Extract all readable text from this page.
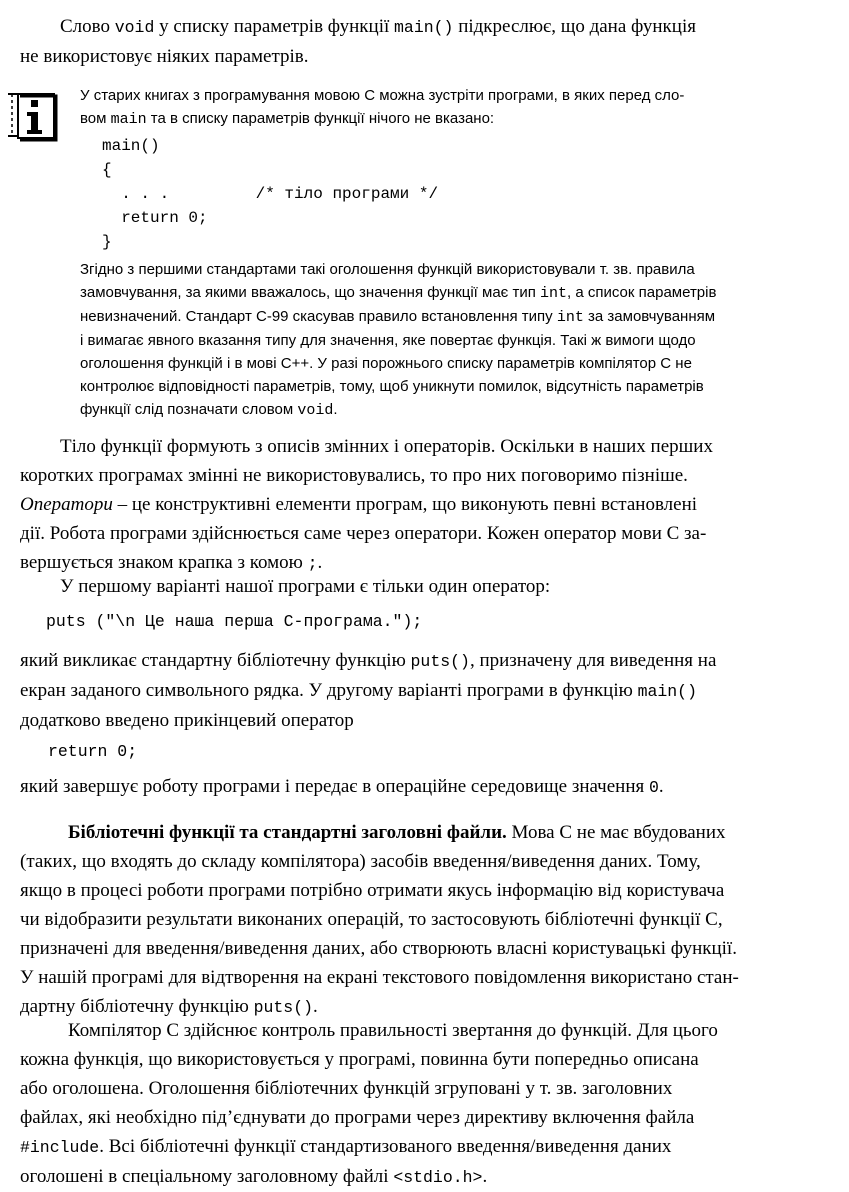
Слово void у списку параметрів функції main() підкреслює, що дана функція
не використовує ніяких параметрів.

У старих книгах з програмування мовою С можна зустріти програми, в яких перед сло-
вом main та в списку параметрів функції нічого не вказано:
main()
{
. . .         /* тіло програми */
return 0;
}
Згідно з першими стандартами такі оголошення функцій використовували т. зв. правила
замовчування, за якими вважалось, що значення функції має тип int, а список параметрів
невизначений. Стандарт С-99 скасував правило встановлення типу int за замовчуванням
і вимагає явного вказання типу для значення, яке повертає функція. Такі ж вимоги щодо
оголошення функцій і в мові С++. У разі порожнього списку параметрів компілятор С не
контролює відповідності параметрів, тому, щоб уникнути помилок, відсутність параметрів
функції слід позначати словом void.

Тіло функції формують з описів змінних і операторів. Оскільки в наших перших
коротких програмах змінні не використовувались, то про них поговоримо пізніше.
Оператори – це конструктивні елементи програм, що виконують певні встановлені
дії. Робота програми здійснюється саме через оператори. Кожен оператор мови С за-
вершується знаком крапка з комою ;.

У першому варіанті нашої програми є тільки один оператор:

puts ("\n Це наша перша С-програма.");

який викликає стандартну бібліотечну функцію puts(), призначену для виведення на
екран заданого символьного рядка. У другому варіанті програми в функцію main()
додатково введено прикінцевий оператор

return 0;

який завершує роботу програми і передає в операційне середовище значення 0.

Бібліотечні функції та стандартні заголовні файли. Мова С не має вбудованих
(таких, що входять до складу компілятора) засобів введення/виведення даних. Тому,
якщо в процесі роботи програми потрібно отримати якусь інформацію від користувача
чи відобразити результати виконаних операцій, то застосовують бібліотечні функції С,
призначені для введення/виведення даних, або створюють власні користувацькі функції.
У нашій програмі для відтворення на екрані текстового повідомлення використано стан-
дартну бібліотечну функцію puts().

Компілятор С здійснює контроль правильності звертання до функцій. Для цього
кожна функція, що використовується у програмі, повинна бути попередньо описана
або оголошена. Оголошення бібліотечних функцій згруповані у т. зв. заголовних
файлах, які необхідно під’єднувати до програми через директиву включення файла
#include. Всі бібліотечні функції стандартизованого введення/виведення даних
оголошені в спеціальному заголовному файлі <stdio.h>.
